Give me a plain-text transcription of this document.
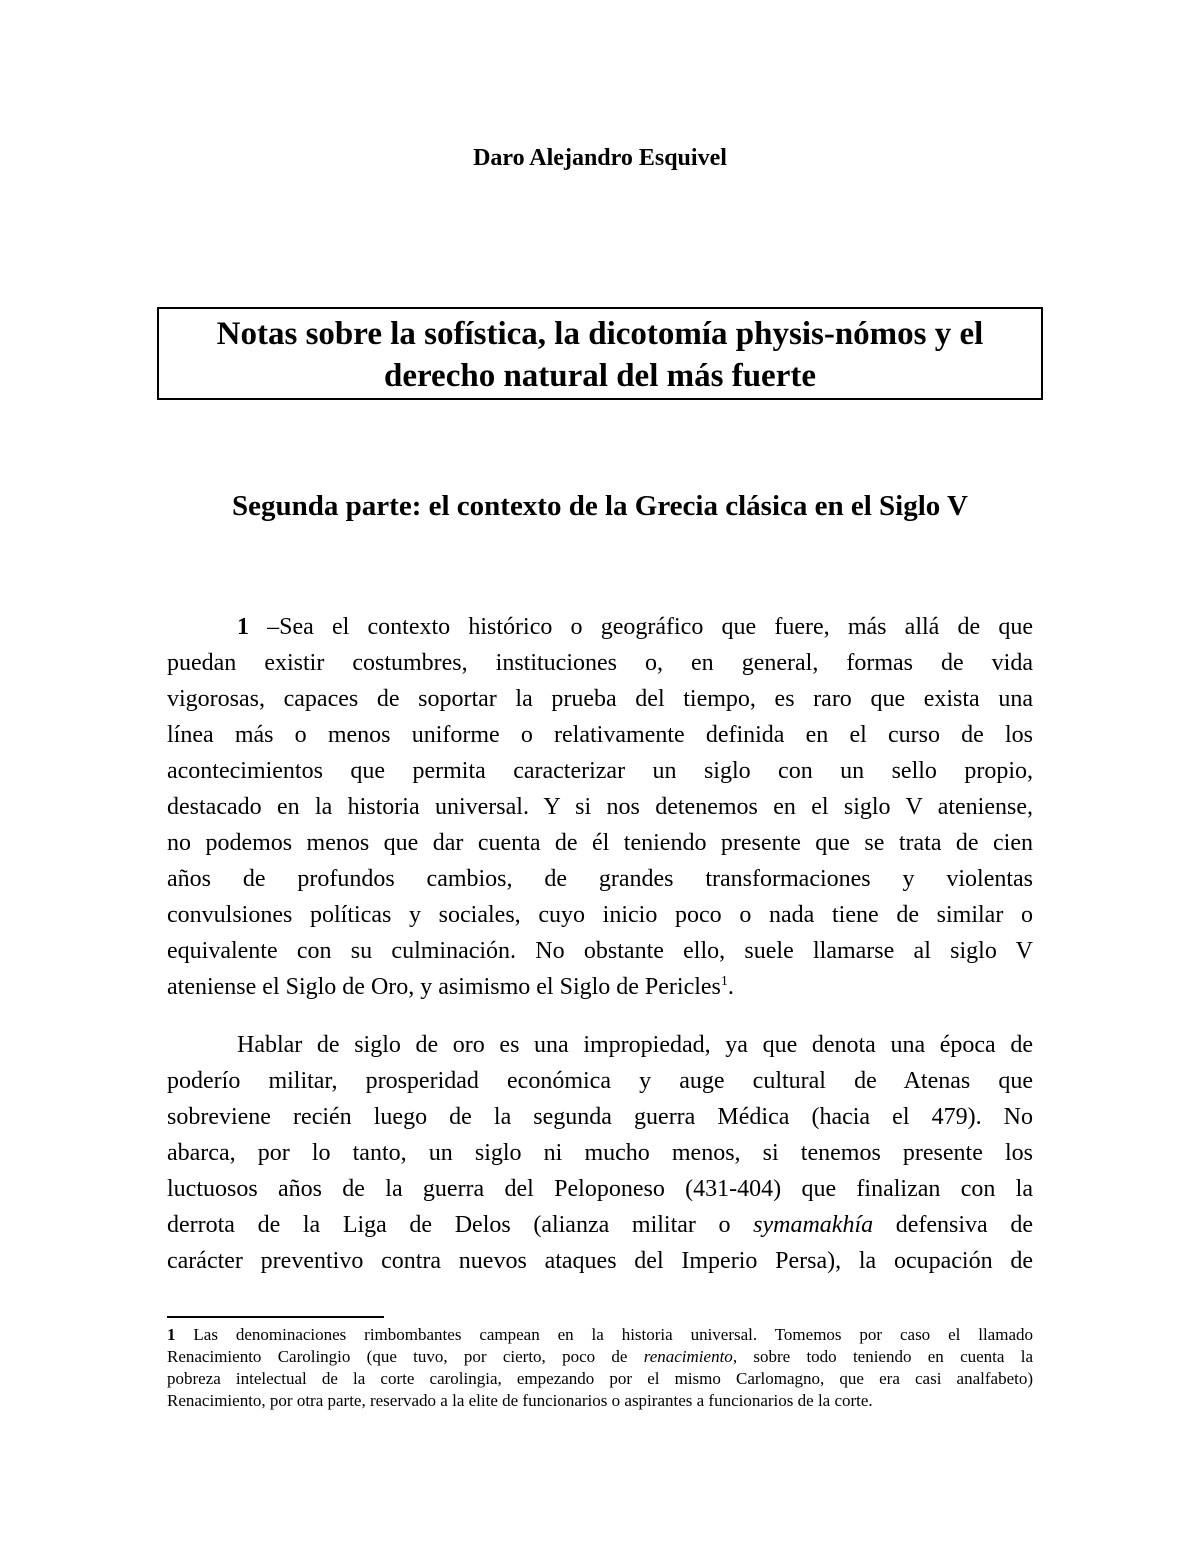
Daro Alejandro Esquivel
Notas sobre la sofística, la dicotomía physis-nómos y el
derecho natural del más fuerte
Segunda parte: el contexto de la Grecia clásica en el Siglo V
1 –Sea el contexto histórico o geográfico que fuere, más allá de que
puedan existir costumbres, instituciones o, en general, formas de vida
vigorosas, capaces de soportar la prueba del tiempo, es raro que exista una
línea más o menos uniforme o relativamente definida en el curso de los
acontecimientos que permita caracterizar un siglo con un sello propio,
destacado en la historia universal. Y si nos detenemos en el siglo V ateniense,
no podemos menos que dar cuenta de él teniendo presente que se trata de cien
años de profundos cambios, de grandes transformaciones y violentas
convulsiones políticas y sociales, cuyo inicio poco o nada tiene de similar o
equivalente con su culminación. No obstante ello, suele llamarse al siglo V
ateniense el Siglo de Oro, y asimismo el Siglo de Pericles$^1$.
Hablar de siglo de oro es una impropiedad, ya que denota una época de
poderío militar, prosperidad económica y auge cultural de Atenas que
sobreviene recién luego de la segunda guerra Médica (hacia el 479). No
abarca, por lo tanto, un siglo ni mucho menos, si tenemos presente los
luctuosos años de la guerra del Peloponeso (431-404) que finalizan con la
derrota de la Liga de Delos (alianza militar o symamakhía defensiva de
carácter preventivo contra nuevos ataques del Imperio Persa), la ocupación de
1 Las denominaciones rimbombantes campean en la historia universal. Tomemos por caso el llamado
Renacimiento Carolingio (que tuvo, por cierto, poco de renacimiento, sobre todo teniendo en cuenta la
pobreza intelectual de la corte carolingia, empezando por el mismo Carlomagno, que era casi analfabeto)
Renacimiento, por otra parte, reservado a la elite de funcionarios o aspirantes a funcionarios de la corte.
